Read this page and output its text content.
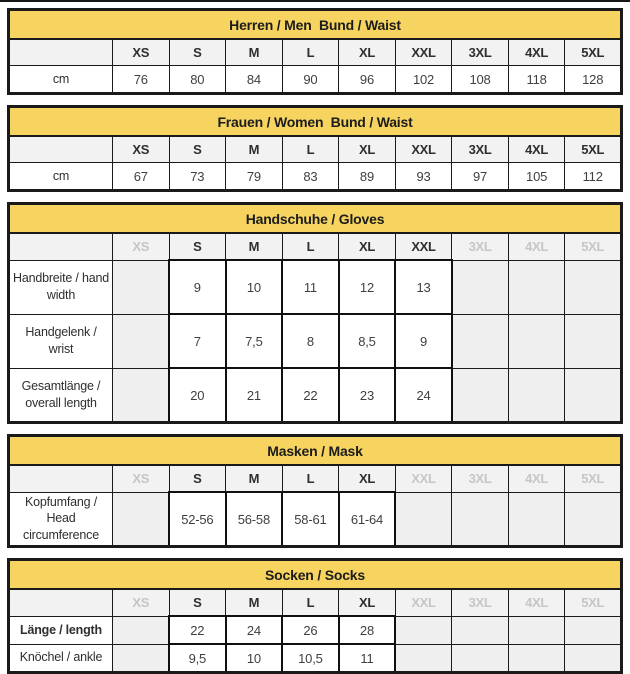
Herren / Men  Bund / Waist									
	XS	S	M	L	XL	XXL	3XL	4XL	5XL
cm	76	80	84	90	96	102	108	118	128
Frauen / Women  Bund / Waist									
	XS	S	M	L	XL	XXL	3XL	4XL	5XL
cm	67	73	79	83	89	93	97	105	112
Handschuhe / Gloves									
	XS	S	M	L	XL	XXL	3XL	4XL	5XL
Handbreite / hand width		9	10	11	12	13			
Handgelenk / wrist		7	7,5	8	8,5	9			
Gesamtlänge / overall length		20	21	22	23	24			
Masken / Mask									
	XS	S	M	L	XL	XXL	3XL	4XL	5XL
Kopfumfang / Head circumference		52-56	56-58	58-61	61-64				
Socken / Socks									
	XS	S	M	L	XL	XXL	3XL	4XL	5XL
Länge / length		22	24	26	28				
Knöchel / ankle		9,5	10	10,5	11				
